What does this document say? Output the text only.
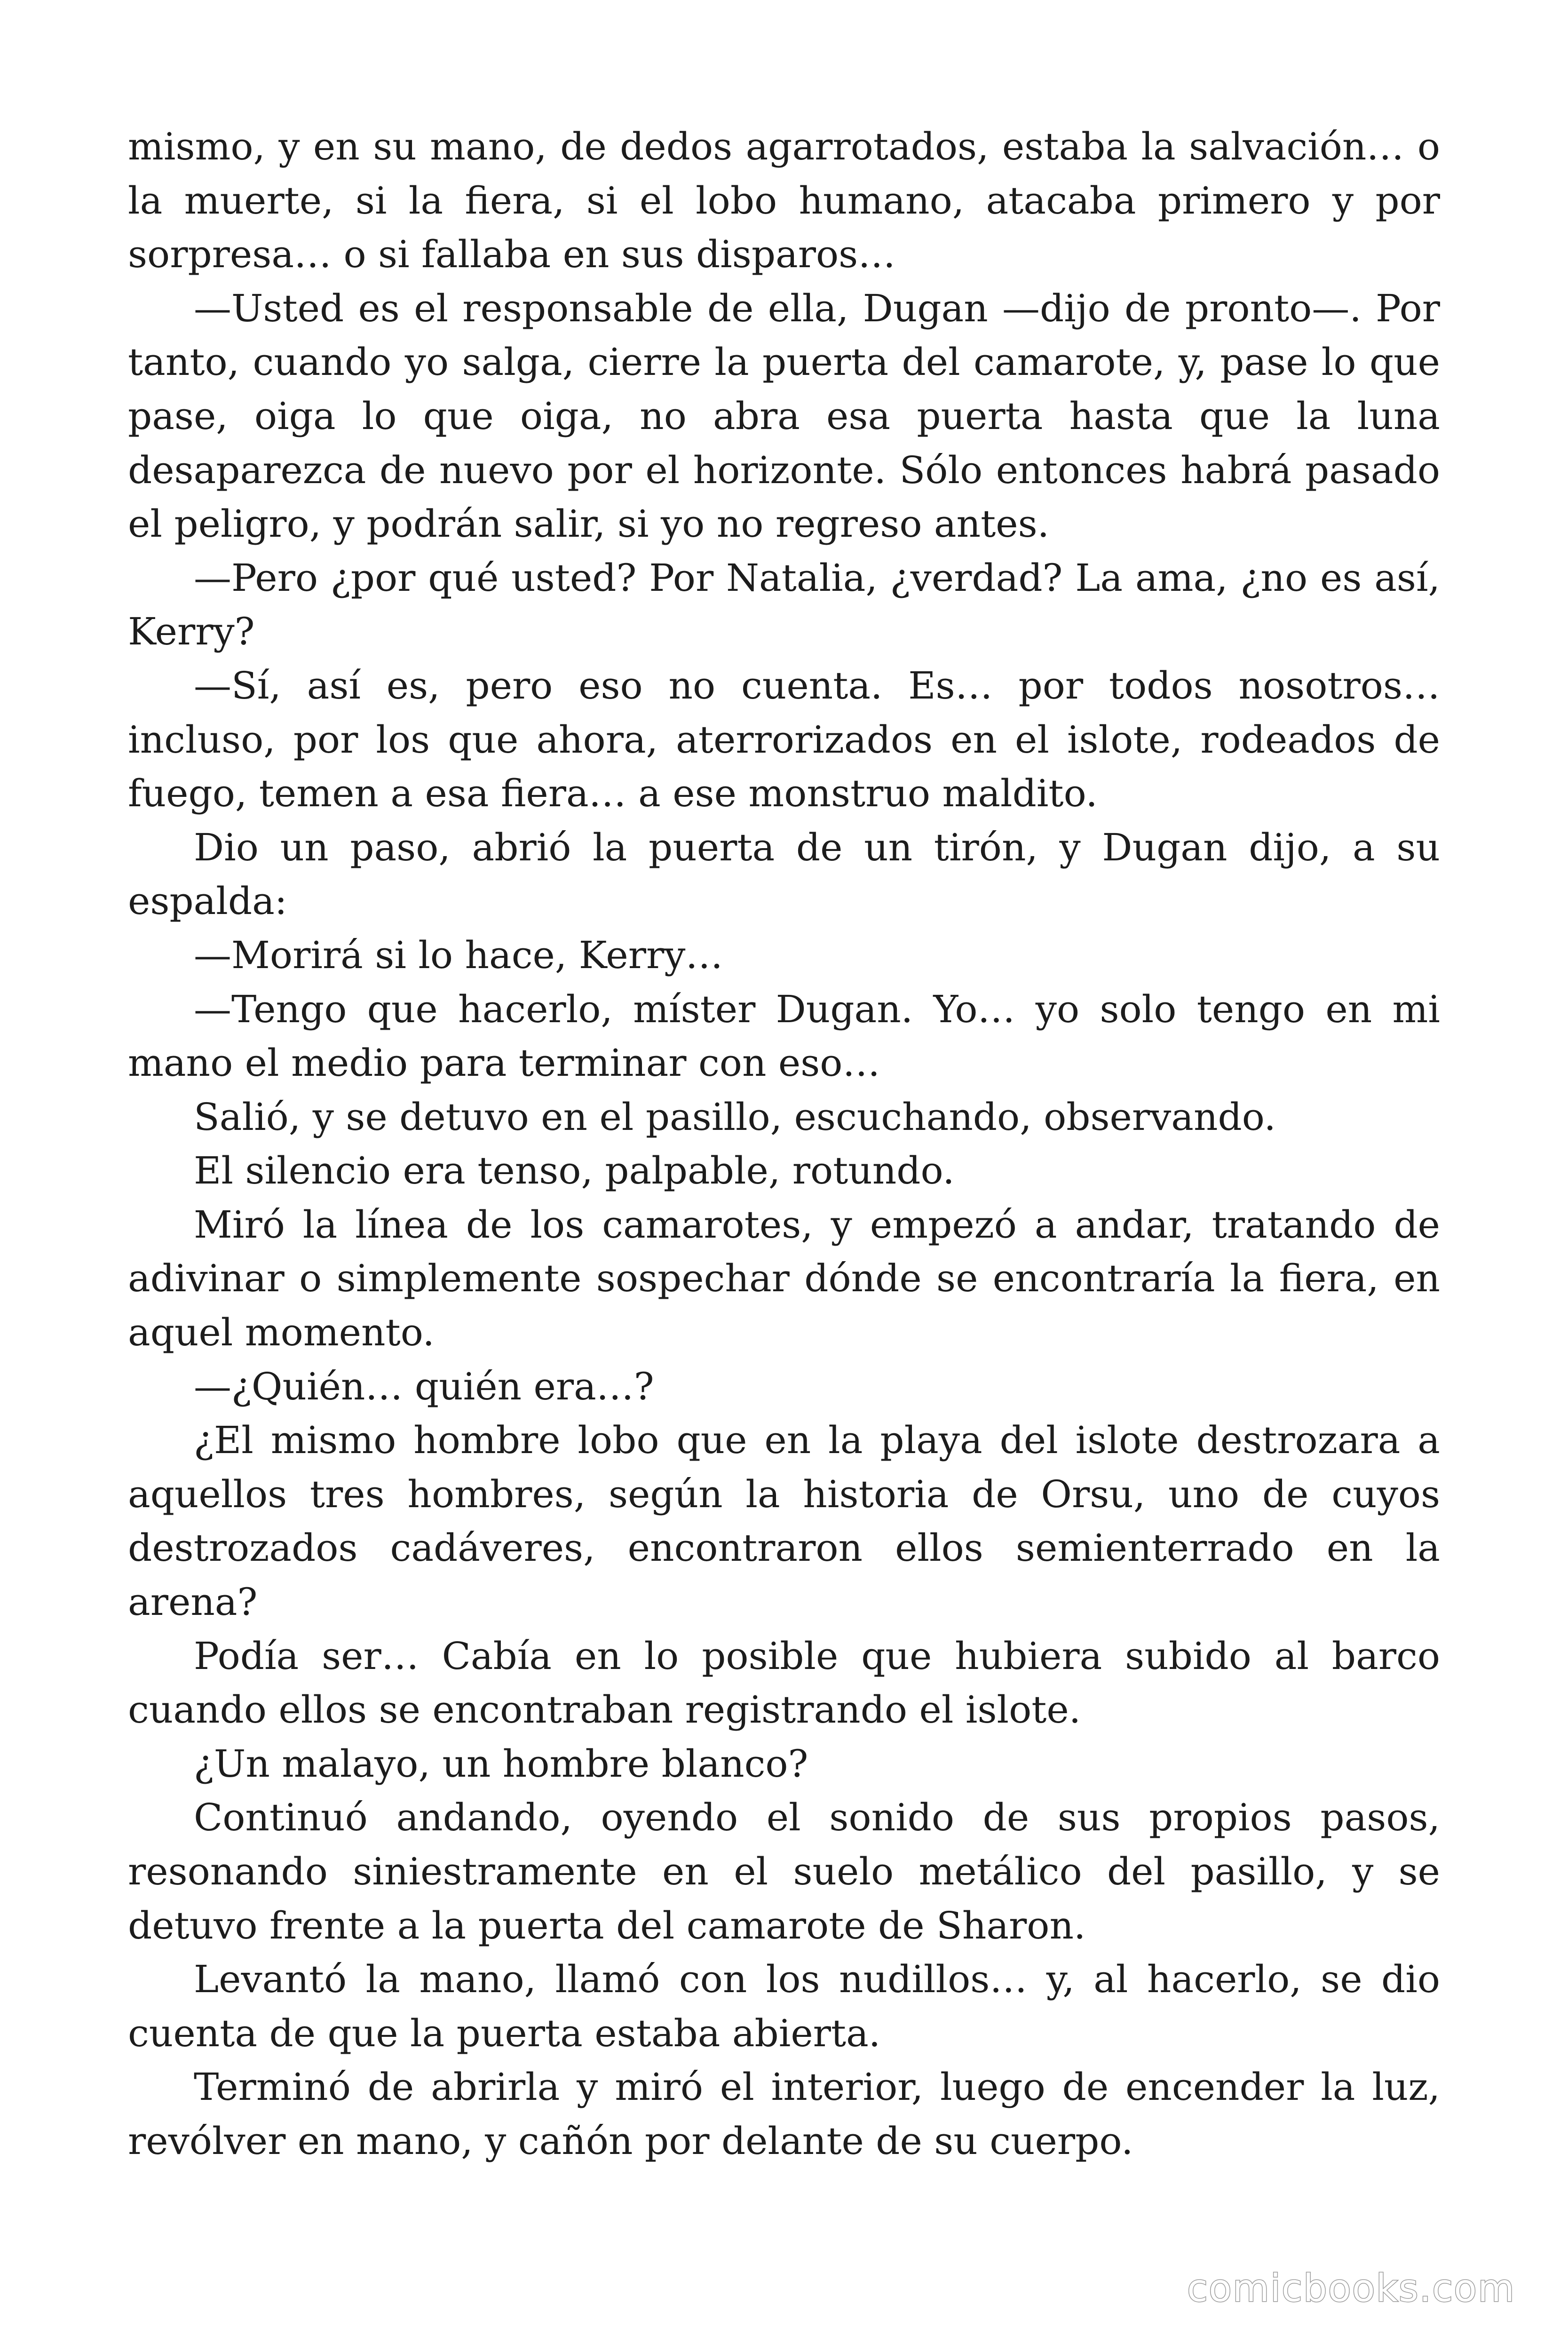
mismo, y en su mano, de dedos agarrotados, estaba la salvación… o la muerte, si la fiera, si el lobo humano, atacaba primero y por sorpresa… o si fallaba en sus disparos…

—Usted es el responsable de ella, Dugan —dijo de pronto—. Por tanto, cuando yo salga, cierre la puerta del camarote, y, pase lo que pase, oiga lo que oiga, no abra esa puerta hasta que la luna desaparezca de nuevo por el horizonte. Sólo entonces habrá pasado el peligro, y podrán salir, si yo no regreso antes.

—Pero ¿por qué usted? Por Natalia, ¿verdad? La ama, ¿no es así, Kerry?

—Sí, así es, pero eso no cuenta. Es… por todos nosotros… incluso, por los que ahora, aterrorizados en el islote, rodeados de fuego, temen a esa fiera… a ese monstruo maldito.

Dio un paso, abrió la puerta de un tirón, y Dugan dijo, a su espalda:

—Morirá si lo hace, Kerry…

—Tengo que hacerlo, míster Dugan. Yo… yo solo tengo en mi mano el medio para terminar con eso…

Salió, y se detuvo en el pasillo, escuchando, observando.

El silencio era tenso, palpable, rotundo.

Miró la línea de los camarotes, y empezó a andar, tratando de adivinar o simplemente sospechar dónde se encontraría la fiera, en aquel momento.

—¿Quién… quién era…?

¿El mismo hombre lobo que en la playa del islote destrozara a aquellos tres hombres, según la historia de Orsu, uno de cuyos destrozados cadáveres, encontraron ellos semienterrado en la arena?

Podía ser… Cabía en lo posible que hubiera subido al barco cuando ellos se encontraban registrando el islote.

¿Un malayo, un hombre blanco?

Continuó andando, oyendo el sonido de sus propios pasos, resonando siniestramente en el suelo metálico del pasillo, y se detuvo frente a la puerta del camarote de Sharon.

Levantó la mano, llamó con los nudillos… y, al hacerlo, se dio cuenta de que la puerta estaba abierta.

Terminó de abrirla y miró el interior, luego de encender la luz, revólver en mano, y cañón por delante de su cuerpo.

comicbooks.com
